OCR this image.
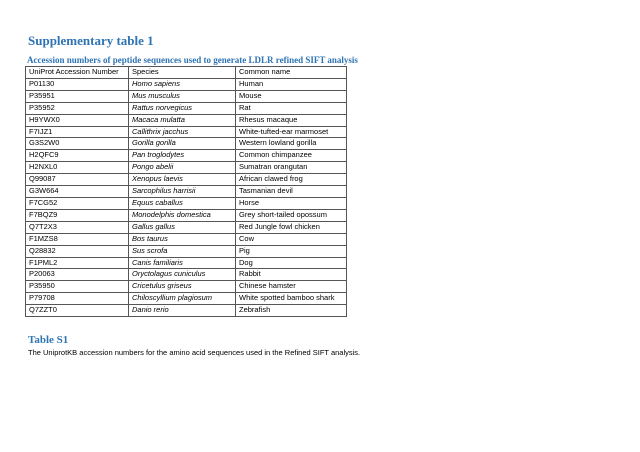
Supplementary table 1
Accession numbers of peptide sequences used to generate LDLR refined SIFT analysis
UniProt Accession Number	Species	Common name
P01130	Homo sapiens	Human
P35951	Mus musculus	Mouse
P35952	Rattus norvegicus	Rat
H9YWX0	Macaca mulatta	Rhesus macaque
F7IJZ1	Callithrix jacchus	White-tufted-ear marmoset
G3S2W0	Gorilla gorilla	Western lowland gorilla
H2QFC9	Pan troglodytes	Common chimpanzee
H2NXL0	Pongo abelii	Sumatran orangutan
Q99087	Xenopus laevis	African clawed frog
G3W664	Sarcophilus harrisii	Tasmanian devil
F7CG52	Equus caballus	Horse
F7BQZ9	Monodelphis domestica	Grey short-tailed opossum
Q7T2X3	Gallus gallus	Red Jungle fowl chicken
F1MZS8	Bos taurus	Cow
Q28832	Sus scrofa	Pig
F1PML2	Canis familiaris	Dog
P20063	Oryctolagus cuniculus	Rabbit
P35950	Cricetulus griseus	Chinese hamster
P79708	Chiloscyllium plagiosum	White spotted bamboo shark
Q7ZZT0	Danio rerio	Zebrafish
Table S1
The UniprotKB accession numbers for the amino acid sequences used in the Refined SIFT analysis.
